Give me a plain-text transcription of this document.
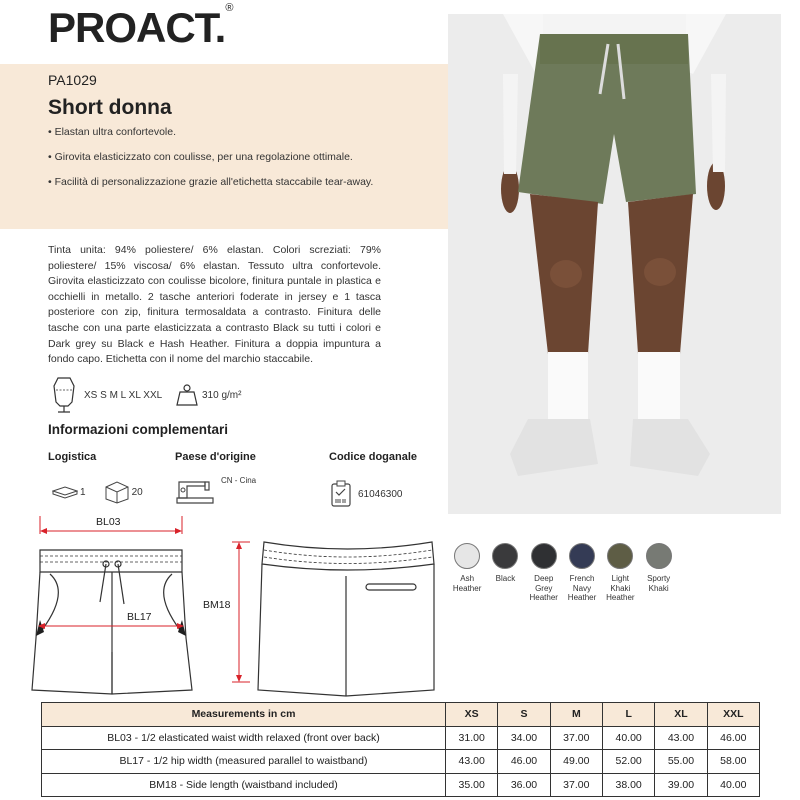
PROACT.®
PA1029
Short donna
• Elastan ultra confortevole.
• Girovita elasticizzato con coulisse, per una regolazione ottimale.
• Facilità di personalizzazione grazie all'etichetta staccabile tear-away.
Tinta unita: 94% poliestere/ 6% elastan. Colori screziati: 79% poliestere/ 15% viscosa/ 6% elastan. Tessuto ultra confortevole. Girovita elasticizzato con coulisse bicolore, finitura puntale in plastica e occhielli in metallo. 2 tasche anteriori foderate in jersey e 1 tasca posteriore con zip, finitura termosaldata a contrasto. Finitura delle tasche con una parte elasticizzata a contrasto Black su tutti i colori e Dark grey su Black e Hash Heather. Finitura a doppia impuntura a fondo capo. Etichetta con il nome del marchio staccabile.
XS S M L XL XXL	310 g/m²
Informazioni complementari
Logistica	Paese d'origine	Codice doganale
1	20
CN - Cina
61046300
BL03
BL17
BM18
Ash
Heather
Black	Deep
Grey
Heather
French
Navy
Heather
Light
Khaki
Heather
Sporty
Khaki
Measurements in cm	XS	S	M	L	XL	XXL
BL03 - 1/2 elasticated waist width relaxed (front over back)	31.00	34.00	37.00	40.00	43.00	46.00
BL17 - 1/2 hip width (measured parallel to waistband)	43.00	46.00	49.00	52.00	55.00	58.00
BM18 - Side length (waistband included)	35.00	36.00	37.00	38.00	39.00	40.00
